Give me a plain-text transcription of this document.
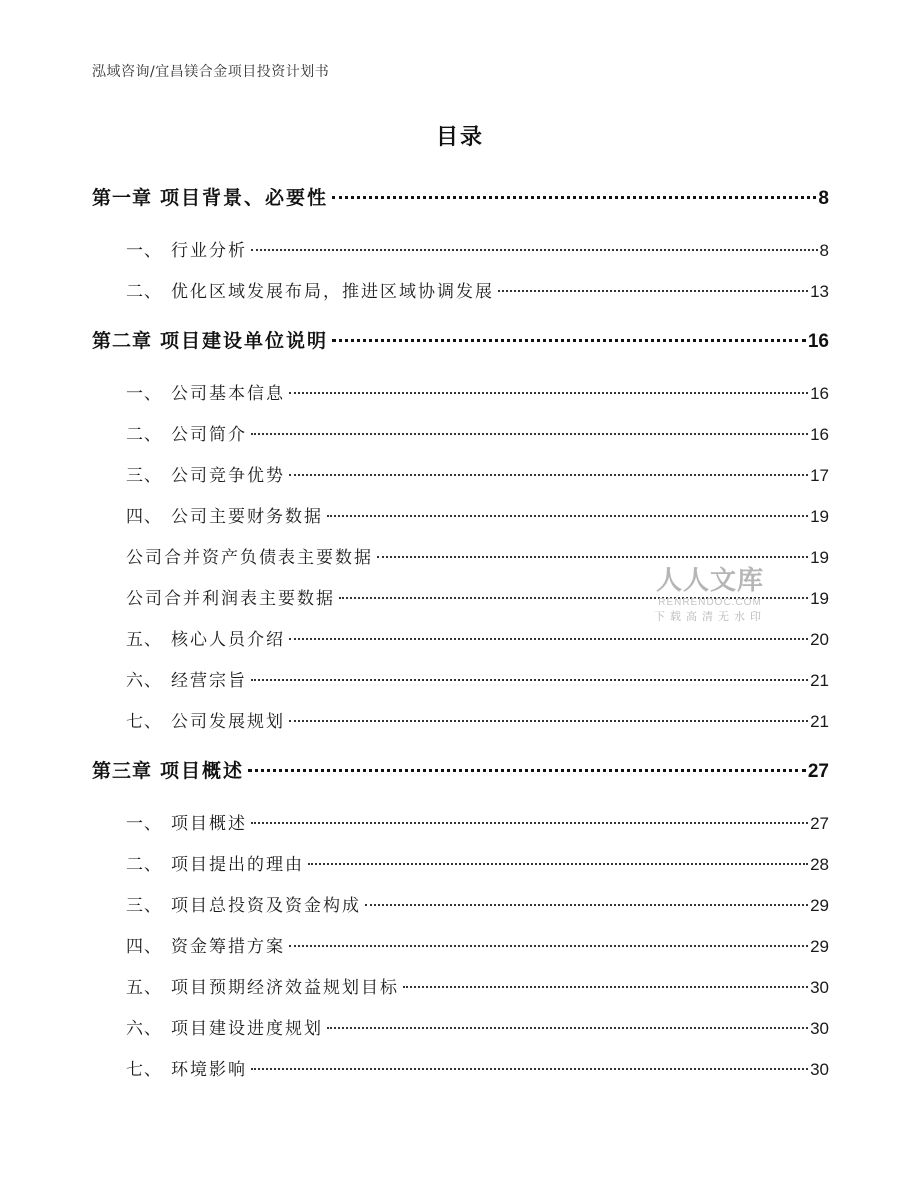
泓域咨询/宜昌镁合金项目投资计划书
目录
第一章 项目背景、必要性	8
一、 行业分析	8
二、 优化区域发展布局，推进区域协调发展	13
第二章 项目建设单位说明	16
一、 公司基本信息	16
二、 公司简介	16
三、 公司竞争优势	17
四、 公司主要财务数据	19
公司合并资产负债表主要数据	19
公司合并利润表主要数据	19
五、 核心人员介绍	20
六、 经营宗旨	21
七、 公司发展规划	21
第三章 项目概述	27
一、 项目概述	27
二、 项目提出的理由	28
三、 项目总投资及资金构成	29
四、 资金筹措方案	29
五、 项目预期经济效益规划目标	30
六、 项目建设进度规划	30
七、 环境影响	30
人人文库
RENRENDOC.COM
下载高清无水印
